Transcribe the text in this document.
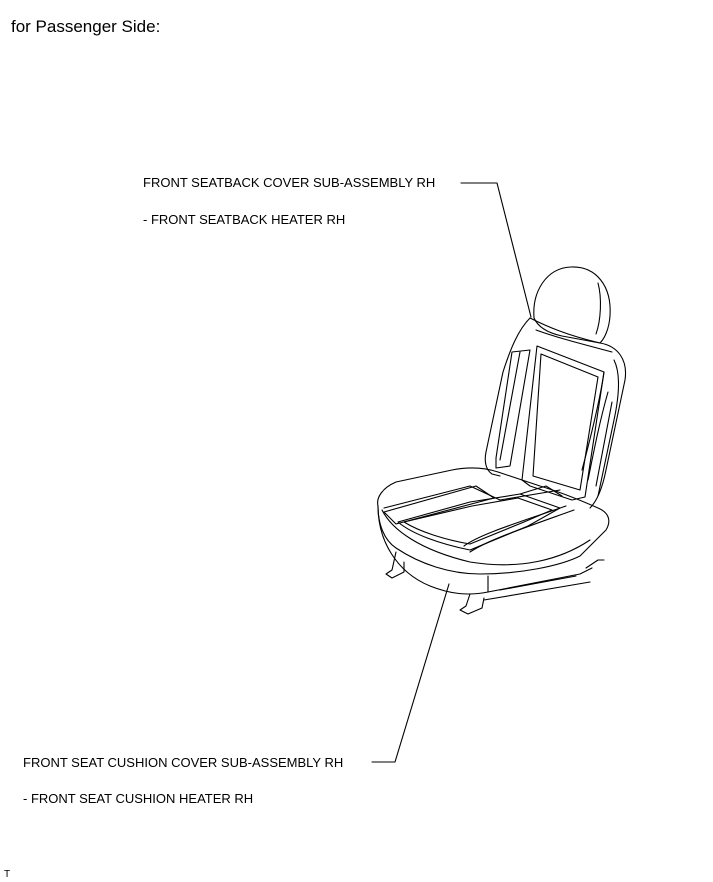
for Passenger Side:
FRONT SEATBACK COVER SUB-ASSEMBLY RH
- FRONT SEATBACK HEATER RH
FRONT SEAT CUSHION COVER SUB-ASSEMBLY RH
- FRONT SEAT CUSHION HEATER RH
T
